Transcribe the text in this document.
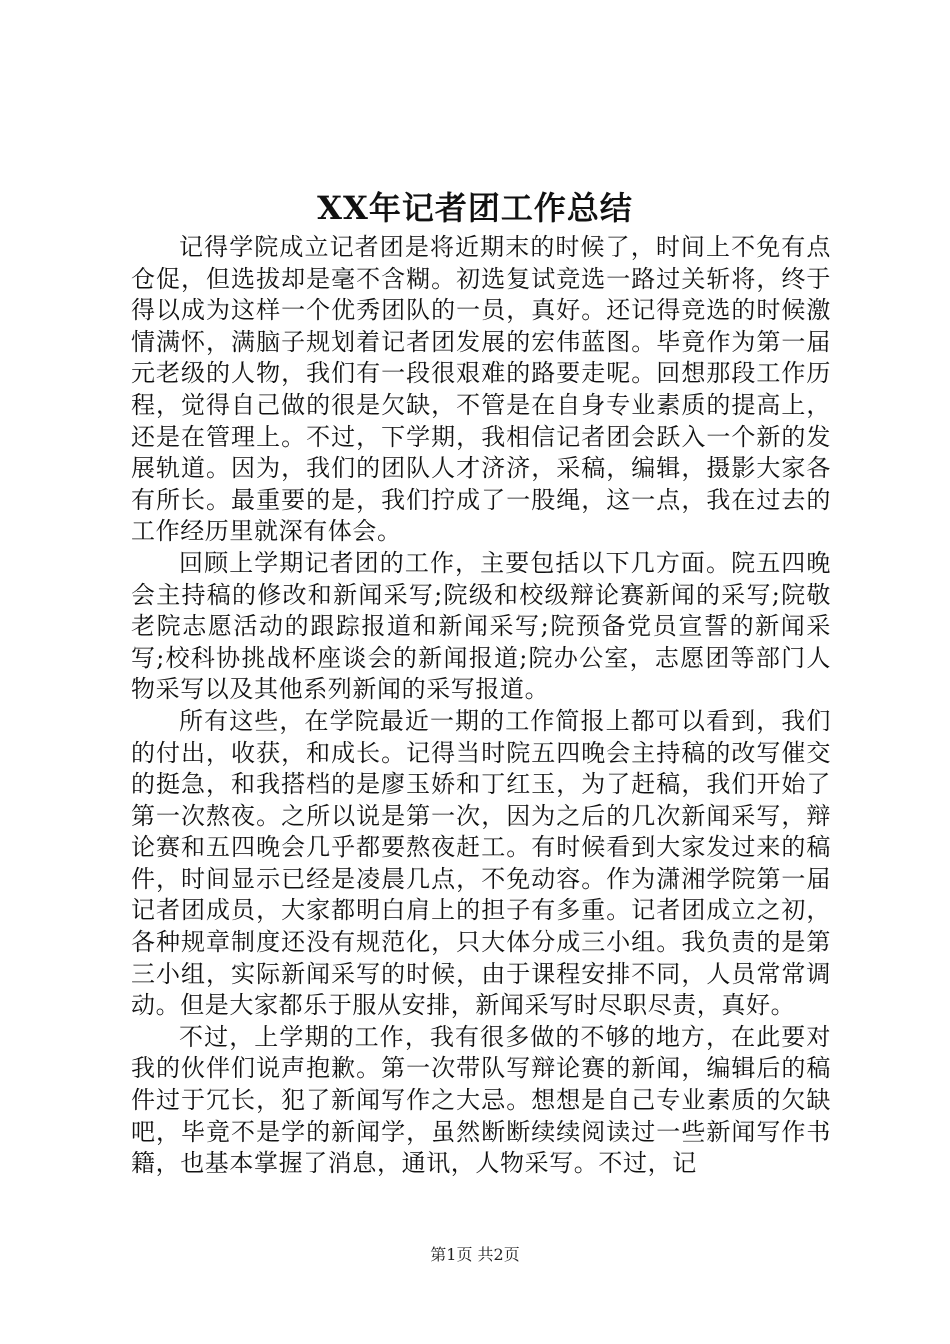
XX年记者团工作总结

记得学院成立记者团是将近期末的时候了，时间上不免有点仓促，但选拔却是毫不含糊。初选复试竞选一路过关斩将，终于得以成为这样一个优秀团队的一员，真好。还记得竞选的时候激情满怀，满脑子规划着记者团发展的宏伟蓝图。毕竟作为第一届元老级的人物，我们有一段很艰难的路要走呢。回想那段工作历程，觉得自己做的很是欠缺，不管是在自身专业素质的提高上，还是在管理上。不过，下学期，我相信记者团会跃入一个新的发展轨道。因为，我们的团队人才济济，采稿，编辑，摄影大家各有所长。最重要的是，我们拧成了一股绳，这一点，我在过去的工作经历里就深有体会。

回顾上学期记者团的工作，主要包括以下几方面。院五四晚会主持稿的修改和新闻采写;院级和校级辩论赛新闻的采写;院敬老院志愿活动的跟踪报道和新闻采写;院预备党员宣誓的新闻采写;校科协挑战杯座谈会的新闻报道;院办公室，志愿团等部门人物采写以及其他系列新闻的采写报道。

所有这些，在学院最近一期的工作简报上都可以看到，我们的付出，收获，和成长。记得当时院五四晚会主持稿的改写催交的挺急，和我搭档的是廖玉娇和丁红玉，为了赶稿，我们开始了第一次熬夜。之所以说是第一次，因为之后的几次新闻采写，辩论赛和五四晚会几乎都要熬夜赶工。有时候看到大家发过来的稿件，时间显示已经是凌晨几点，不免动容。作为潇湘学院第一届记者团成员，大家都明白肩上的担子有多重。记者团成立之初，各种规章制度还没有规范化，只大体分成三小组。我负责的是第三小组，实际新闻采写的时候，由于课程安排不同，人员常常调动。但是大家都乐于服从安排，新闻采写时尽职尽责，真好。

不过，上学期的工作，我有很多做的不够的地方，在此要对我的伙伴们说声抱歉。第一次带队写辩论赛的新闻，编辑后的稿件过于冗长，犯了新闻写作之大忌。想想是自己专业素质的欠缺吧，毕竟不是学的新闻学，虽然断断续续阅读过一些新闻写作书籍，也基本掌握了消息，通讯，人物采写。不过，记

第1页 共2页
